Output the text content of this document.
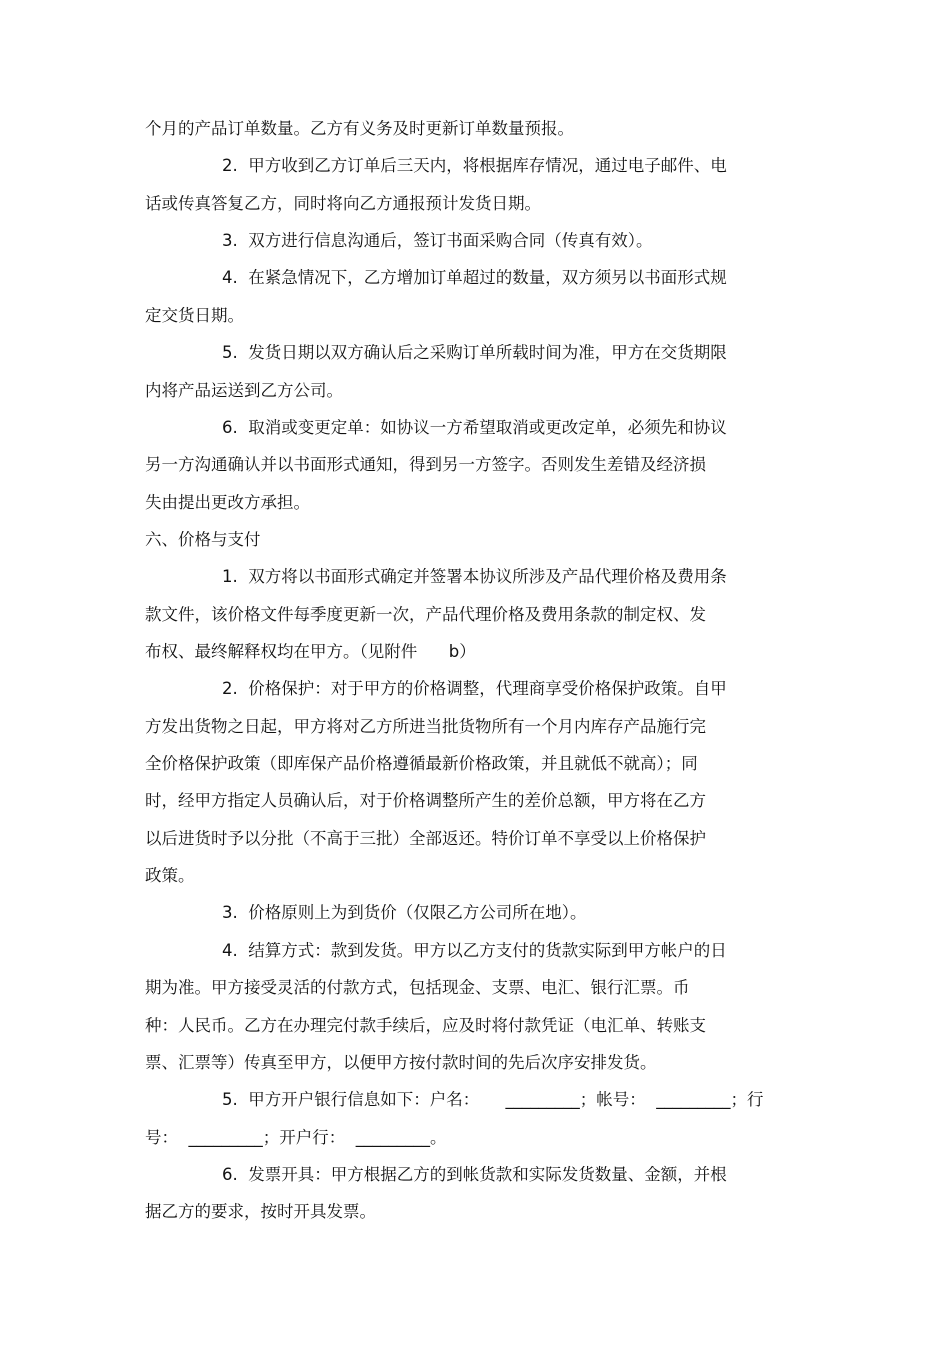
个月的产品订单数量。乙方有义务及时更新订单数量预报。
2.  甲方收到乙方订单后三天内，将根据库存情况，通过电子邮件、电
话或传真答复乙方，同时将向乙方通报预计发货日期。
3.  双方进行信息沟通后，签订书面采购合同（传真有效）。
4.  在紧急情况下，乙方增加订单超过的数量，双方须另以书面形式规
定交货日期。
5.  发货日期以双方确认后之采购订单所载时间为准，甲方在交货期限
内将产品运送到乙方公司。
6.  取消或变更定单：如协议一方希望取消或更改定单，必须先和协议
另一方沟通确认并以书面形式通知，得到另一方签字。否则发生差错及经济损
失由提出更改方承担。
六、价格与支付
1.  双方将以书面形式确定并签署本协议所涉及产品代理价格及费用条
款文件，该价格文件每季度更新一次，产品代理价格及费用条款的制定权、发
布权、最终解释权均在甲方。（见附件      b）
2.  价格保护：对于甲方的价格调整，代理商享受价格保护政策。自甲
方发出货物之日起，甲方将对乙方所进当批货物所有一个月内库存产品施行完
全价格保护政策（即库保产品价格遵循最新价格政策，并且就低不就高）；同
时，经甲方指定人员确认后，对于价格调整所产生的差价总额，甲方将在乙方
以后进货时予以分批（不高于三批）全部返还。特价订单不享受以上价格保护
政策。
3.  价格原则上为到货价（仅限乙方公司所在地）。
4.  结算方式：款到发货。甲方以乙方支付的货款实际到甲方帐户的日
期为准。甲方接受灵活的付款方式，包括现金、支票、电汇、银行汇票。币
种：人民币。乙方在办理完付款手续后，应及时将付款凭证（电汇单、转账支
票、汇票等）传真至甲方，以便甲方按付款时间的先后次序安排发货。
5.  甲方开户银行信息如下：户名：     _________；帐号：  _________；行
号：  _________；开户行：  _________。
6.  发票开具：甲方根据乙方的到帐货款和实际发货数量、金额，并根
据乙方的要求，按时开具发票。
